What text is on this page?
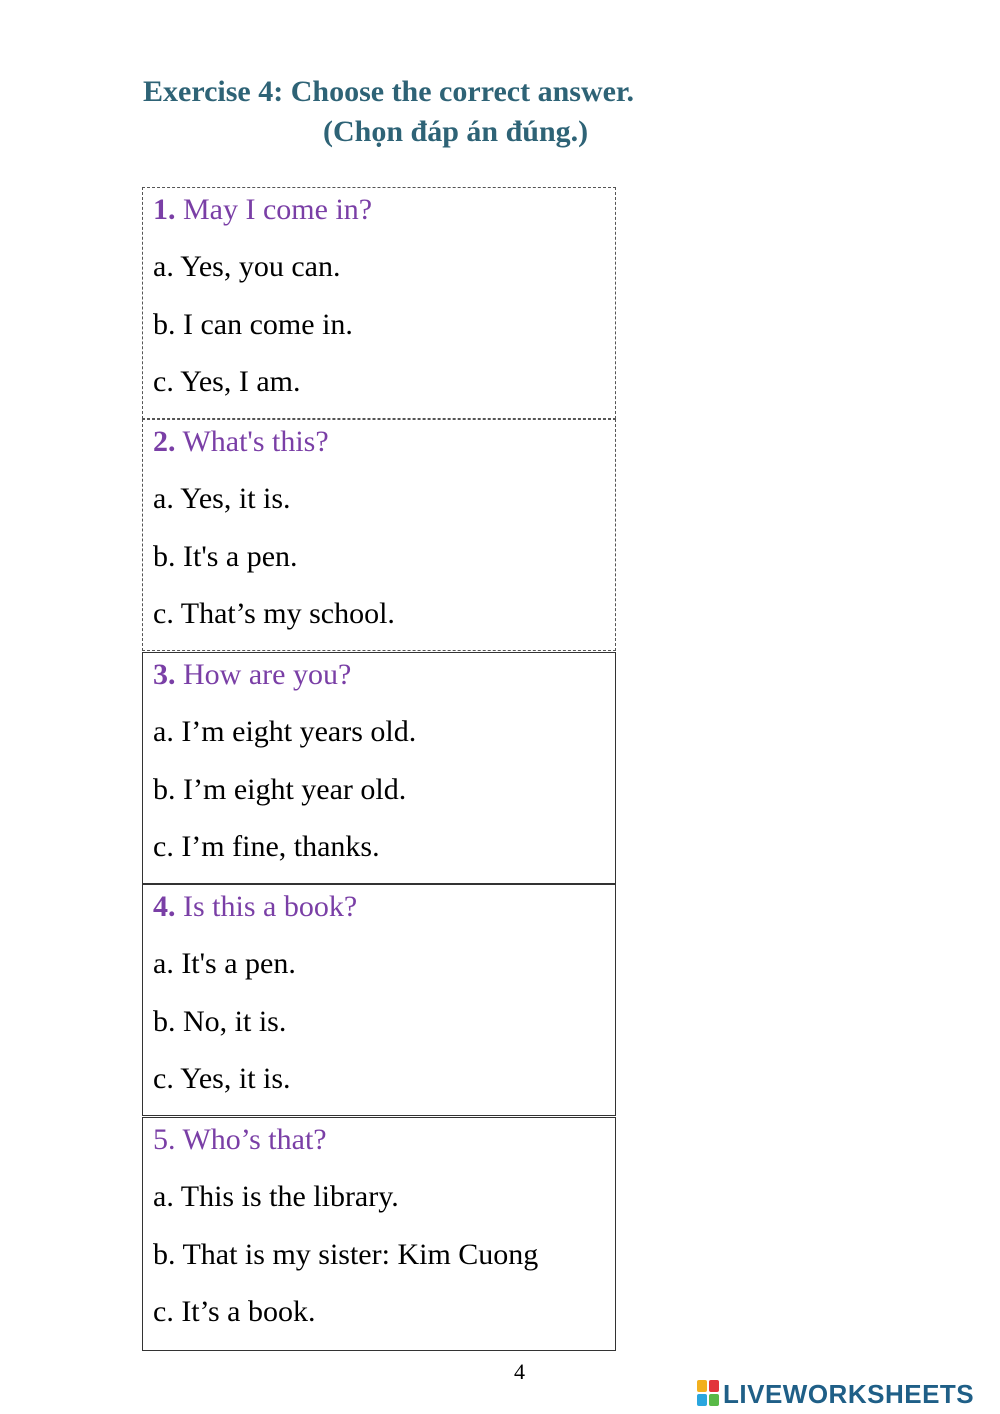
Exercise 4: Choose the correct answer.
(Chọn đáp án đúng.)
1. May I come in?
a. Yes, you can.
b. I can come in.
c. Yes, I am.
2. What's this?
a. Yes, it is.
b. It's a pen.
c. That’s my school.
3. How are you?
a. I’m eight years old.
b. I’m eight year old.
c. I’m fine, thanks.
4. Is this a book?
a. It's a pen.
b. No, it is.
c. Yes, it is.
5. Who’s that?
a. This is the library.
b. That is my sister: Kim Cuong
c. It’s a book.
4
LIVEWORKSHEETS
